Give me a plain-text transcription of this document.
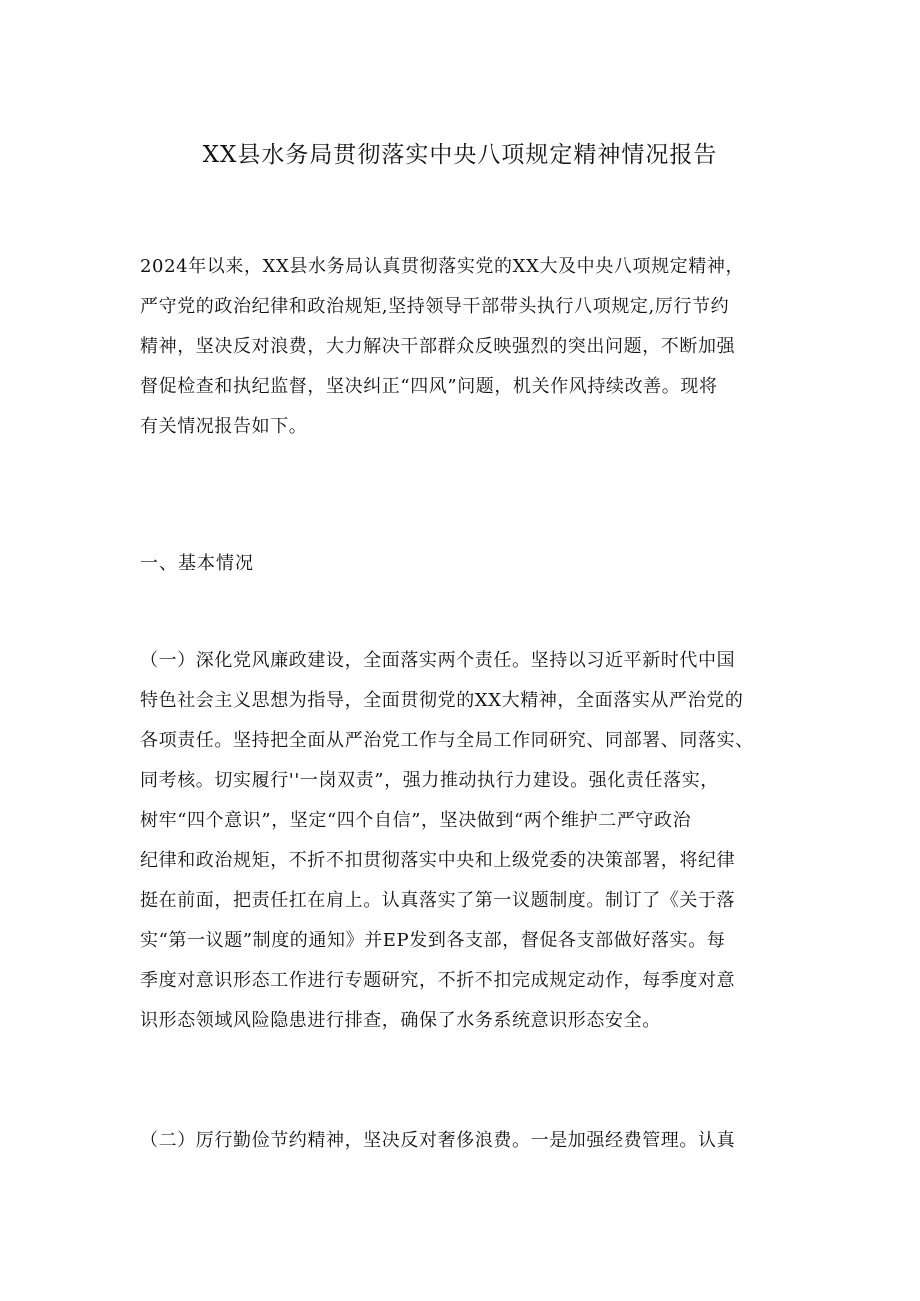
XX县水务局贯彻落实中央八项规定精神情况报告
2024年以来，XX县水务局认真贯彻落实党的XX大及中央八项规定精神，
严守党的政治纪律和政治规矩,坚持领导干部带头执行八项规定,厉行节约
精神，坚决反对浪费，大力解决干部群众反映强烈的突出问题，不断加强
督促检查和执纪监督，坚决纠正“四风”问题，机关作风持续改善。现将
有关情况报告如下。
一、基本情况
（一）深化党风廉政建设，全面落实两个责任。坚持以习近平新时代中国
特色社会主义思想为指导，全面贯彻党的XX大精神，全面落实从严治党的
各项责任。坚持把全面从严治党工作与全局工作同研究、同部署、同落实、
同考核。切实履行''一岗双责”，强力推动执行力建设。强化责任落实，
树牢“四个意识”，坚定“四个自信”，坚决做到“两个维护二严守政治
纪律和政治规矩，不折不扣贯彻落实中央和上级党委的决策部署，将纪律
挺在前面，把责任扛在肩上。认真落实了第一议题制度。制订了《关于落
实“第一议题”制度的通知》并EP发到各支部，督促各支部做好落实。每
季度对意识形态工作进行专题研究，不折不扣完成规定动作，每季度对意
识形态领域风险隐患进行排查，确保了水务系统意识形态安全。
（二）厉行勤俭节约精神，坚决反对奢侈浪费。一是加强经费管理。认真
